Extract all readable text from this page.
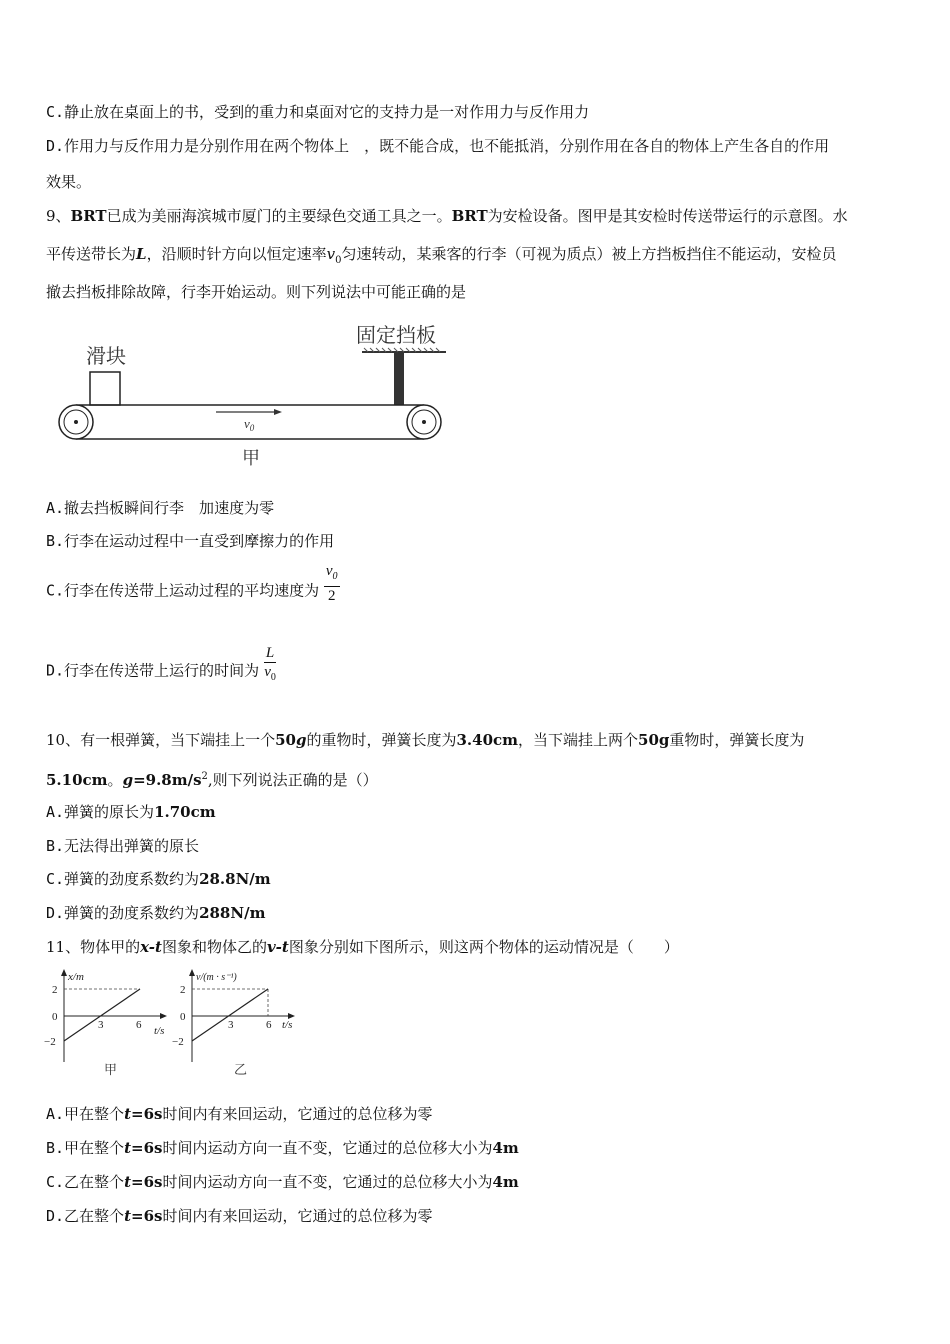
C.静止放在桌面上的书，受到的重力和桌面对它的支持力是一对作用力与反作用力
D.作用力与反作用力是分别作用在两个物体上　，既不能合成，也不能抵消，分别作用在各自的物体上产生各自的作用
效果。
9、BRT已成为美丽海滨城市厦门的主要绿色交通工具之一。BRT为安检设备。图甲是其安检时传送带运行的示意图。水
平传送带长为L，沿顺时针方向以恒定速率$v_0$匀速转动，某乘客的行李（可视为质点）被上方挡板挡住不能运动，安检员
撤去挡板排除故障，行李开始运动。则下列说法中可能正确的是
固定挡板
滑块
$v_0$
甲
A.撤去挡板瞬间行李　加速度为零
B.行李在运动过程中一直受到摩擦力的作用
C.行李在传送带上运动过程的平均速度为 $\frac{v_0}{2}$
D.行李在传送带上运行的时间为 $\frac{L}{v_0}$
10、有一根弹簧，当下端挂上一个50g的重物时，弹簧长度为3.40cm，当下端挂上两个50g重物时，弹簧长度为
5.10cm。$g=9.8m/s^2$,则下列说法正确的是（）
A.弹簧的原长为1.70cm
B.无法得出弹簧的原长
C.弹簧的劲度系数约为28.8N/m
D.弹簧的劲度系数约为288N/m
11、物体甲的x-t图象和物体乙的v-t图象分别如下图所示，则这两个物体的运动情况是（　　）
x/m
t/s
2
0
−2
3	6
甲
v/(m · s⁻¹)
t/s
2
0
−2
3	6
乙
A.甲在整个t=6s时间内有来回运动，它通过的总位移为零
B.甲在整个t=6s时间内运动方向一直不变，它通过的总位移大小为4m
C.乙在整个t=6s时间内运动方向一直不变，它通过的总位移大小为4m
D.乙在整个t=6s时间内有来回运动，它通过的总位移为零
